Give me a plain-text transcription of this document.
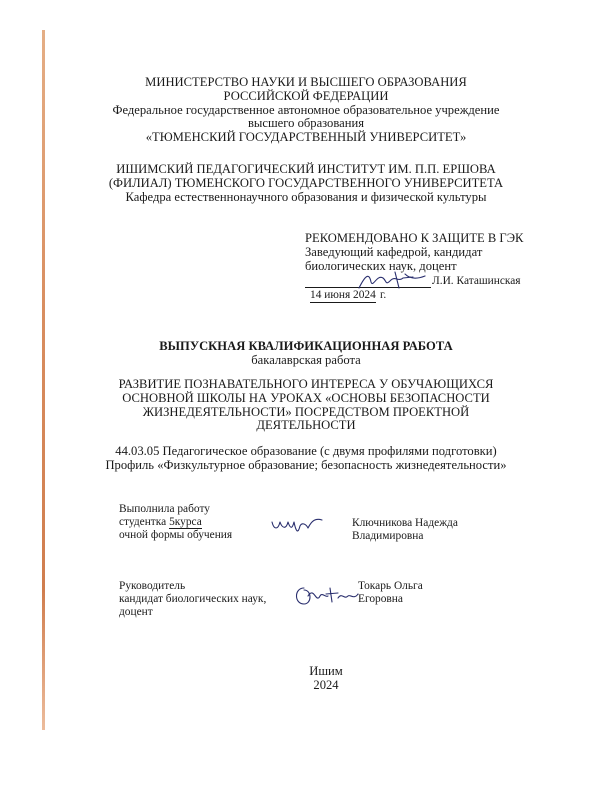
МИНИСТЕРСТВО НАУКИ И ВЫСШЕГО ОБРАЗОВАНИЯ
РОССИЙСКОЙ ФЕДЕРАЦИИ
Федеральное государственное автономное образовательное учреждение
высшего образования
«ТЮМЕНСКИЙ ГОСУДАРСТВЕННЫЙ УНИВЕРСИТЕТ»
ИШИМСКИЙ ПЕДАГОГИЧЕСКИЙ ИНСТИТУТ ИМ. П.П. ЕРШОВА
(ФИЛИАЛ) ТЮМЕНСКОГО ГОСУДАРСТВЕННОГО УНИВЕРСИТЕТА
Кафедра естественнонаучного образования и физической культуры
РЕКОМЕНДОВАНО К ЗАЩИТЕ В ГЭК
Заведующий кафедрой, кандидат
биологических наук, доцент
Л.И. Каташинская
14 июня 2024 г.
ВЫПУСКНАЯ КВАЛИФИКАЦИОННАЯ РАБОТА
бакалаврская работа
РАЗВИТИЕ ПОЗНАВАТЕЛЬНОГО ИНТЕРЕСА У ОБУЧАЮЩИХСЯ
ОСНОВНОЙ ШКОЛЫ НА УРОКАХ «ОСНОВЫ БЕЗОПАСНОСТИ
ЖИЗНЕДЕЯТЕЛЬНОСТИ» ПОСРЕДСТВОМ ПРОЕКТНОЙ
ДЕЯТЕЛЬНОСТИ
44.03.05 Педагогическое образование (с двумя профилями подготовки)
Профиль «Физкультурное образование; безопасность жизнедеятельности»
Выполнила работу
студентка 5курса
очной формы обучения
Ключникова Надежда
Владимировна
Руководитель
кандидат биологических наук,
доцент
Токарь Ольга
Егоровна
Ишим
2024
